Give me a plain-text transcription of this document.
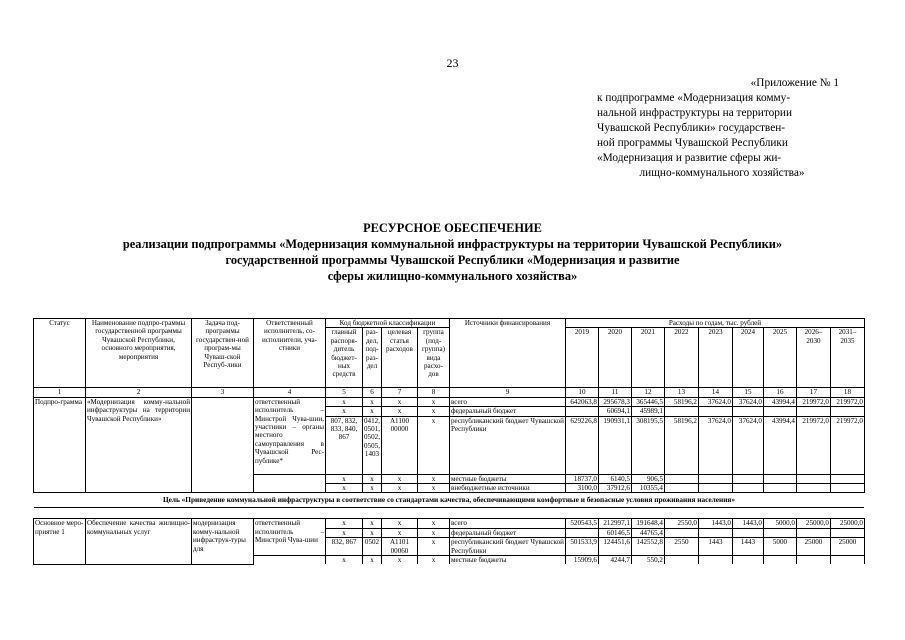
23
«Приложение № 1
к подпрограмме «Модернизация комму-
нальной инфраструктуры на территории
Чувашской Республики» государствен-
ной программы Чувашской Республики
«Модернизация и развитие сферы жи-
лищно-коммунального хозяйства»
РЕСУРСНОЕ ОБЕСПЕЧЕНИЕ
реализации подпрограммы «Модернизация коммунальной инфраструктуры на территории Чувашской Республики»
государственной программы Чувашской Республики «Модернизация и развитие
сферы жилищно-коммунального хозяйства»
Статус	Наименование подпро-граммы государственной программы Чувашской Республики, основного мероприятия, мероприятия	Задача под-программы государствен-ной програм-мы Чуваш-ской Респуб-лики	Ответственный исполнитель, со-исполнители, уча-стники	Код бюджетной классификации				Источники финансирования	Расходы по годам, тыс. рублей								
				главный распоря-дитель бюджет-ных средств	раз-дел, под-раз-дел	целевая статья расходов	группа (под-группа) вида расхо-дов		2019	2020	2021	2022	2023	2024	2025	2026–2030	2031–2035
1	2	3	4	5	6	7	8	9	10	11	12	13	14	15	16	17	18
Подпро-грамма	«Модернизация комму-нальной инфраструктуры на территории Чувашской Республики»		ответственный исполнитель – Минстрой Чува-шии, участники – органы местного самоуправления в Чувашской Рес-публике*	x	x	x	x	всего	642063,8	295678,3	365446,5	58196,2	37624,0	37624,0	43994,4	219972,0	219972,0
				x	x	x	x	федеральный бюджет		60694,1	45989,1						
				807, 832, 833, 840, 867	0412, 0501, 0502, 0505, 1403	А1100 00000	x	республиканский бюджет Чувашской Республики	629226,8	190931,1	308195,5	58196,2	37624,0	37624,0	43994,4	219972,0	219972,0
				x	x	x	x	местные бюджеты	18737,0	6140,5	906,5						
				x	x	x	x	внебюджетные источники	3100,0	37912,6	10355,4						
Цель «Приведение коммунальной инфраструктуры в соответствие со стандартами качества, обеспечивающими комфортные и безопасные условия проживания населения»																	

Основное меро-приятие 1	Обеспечение качества жилищно-коммунальных услуг	модернизация комму-нальной инфраструк-туры для	ответственный исполнитель – Минстрой Чува-шии	x	x	x	x	всего	520543,5	212997,1	191648,4	2550,0	1443,0	1443,0	5000,0	25000,0	25000,0
				x	x	x	x	федеральный бюджет		60146,5	44765,4						
				832, 867	0502	А1101 00060	x	республиканский бюджет Чувашской Республики	501533,9	124451,6	142552,8	2550	1443	1443	5000	25000	25000
				x	x	x	x	местные бюджеты	15909,6	4244,7	550,2						
